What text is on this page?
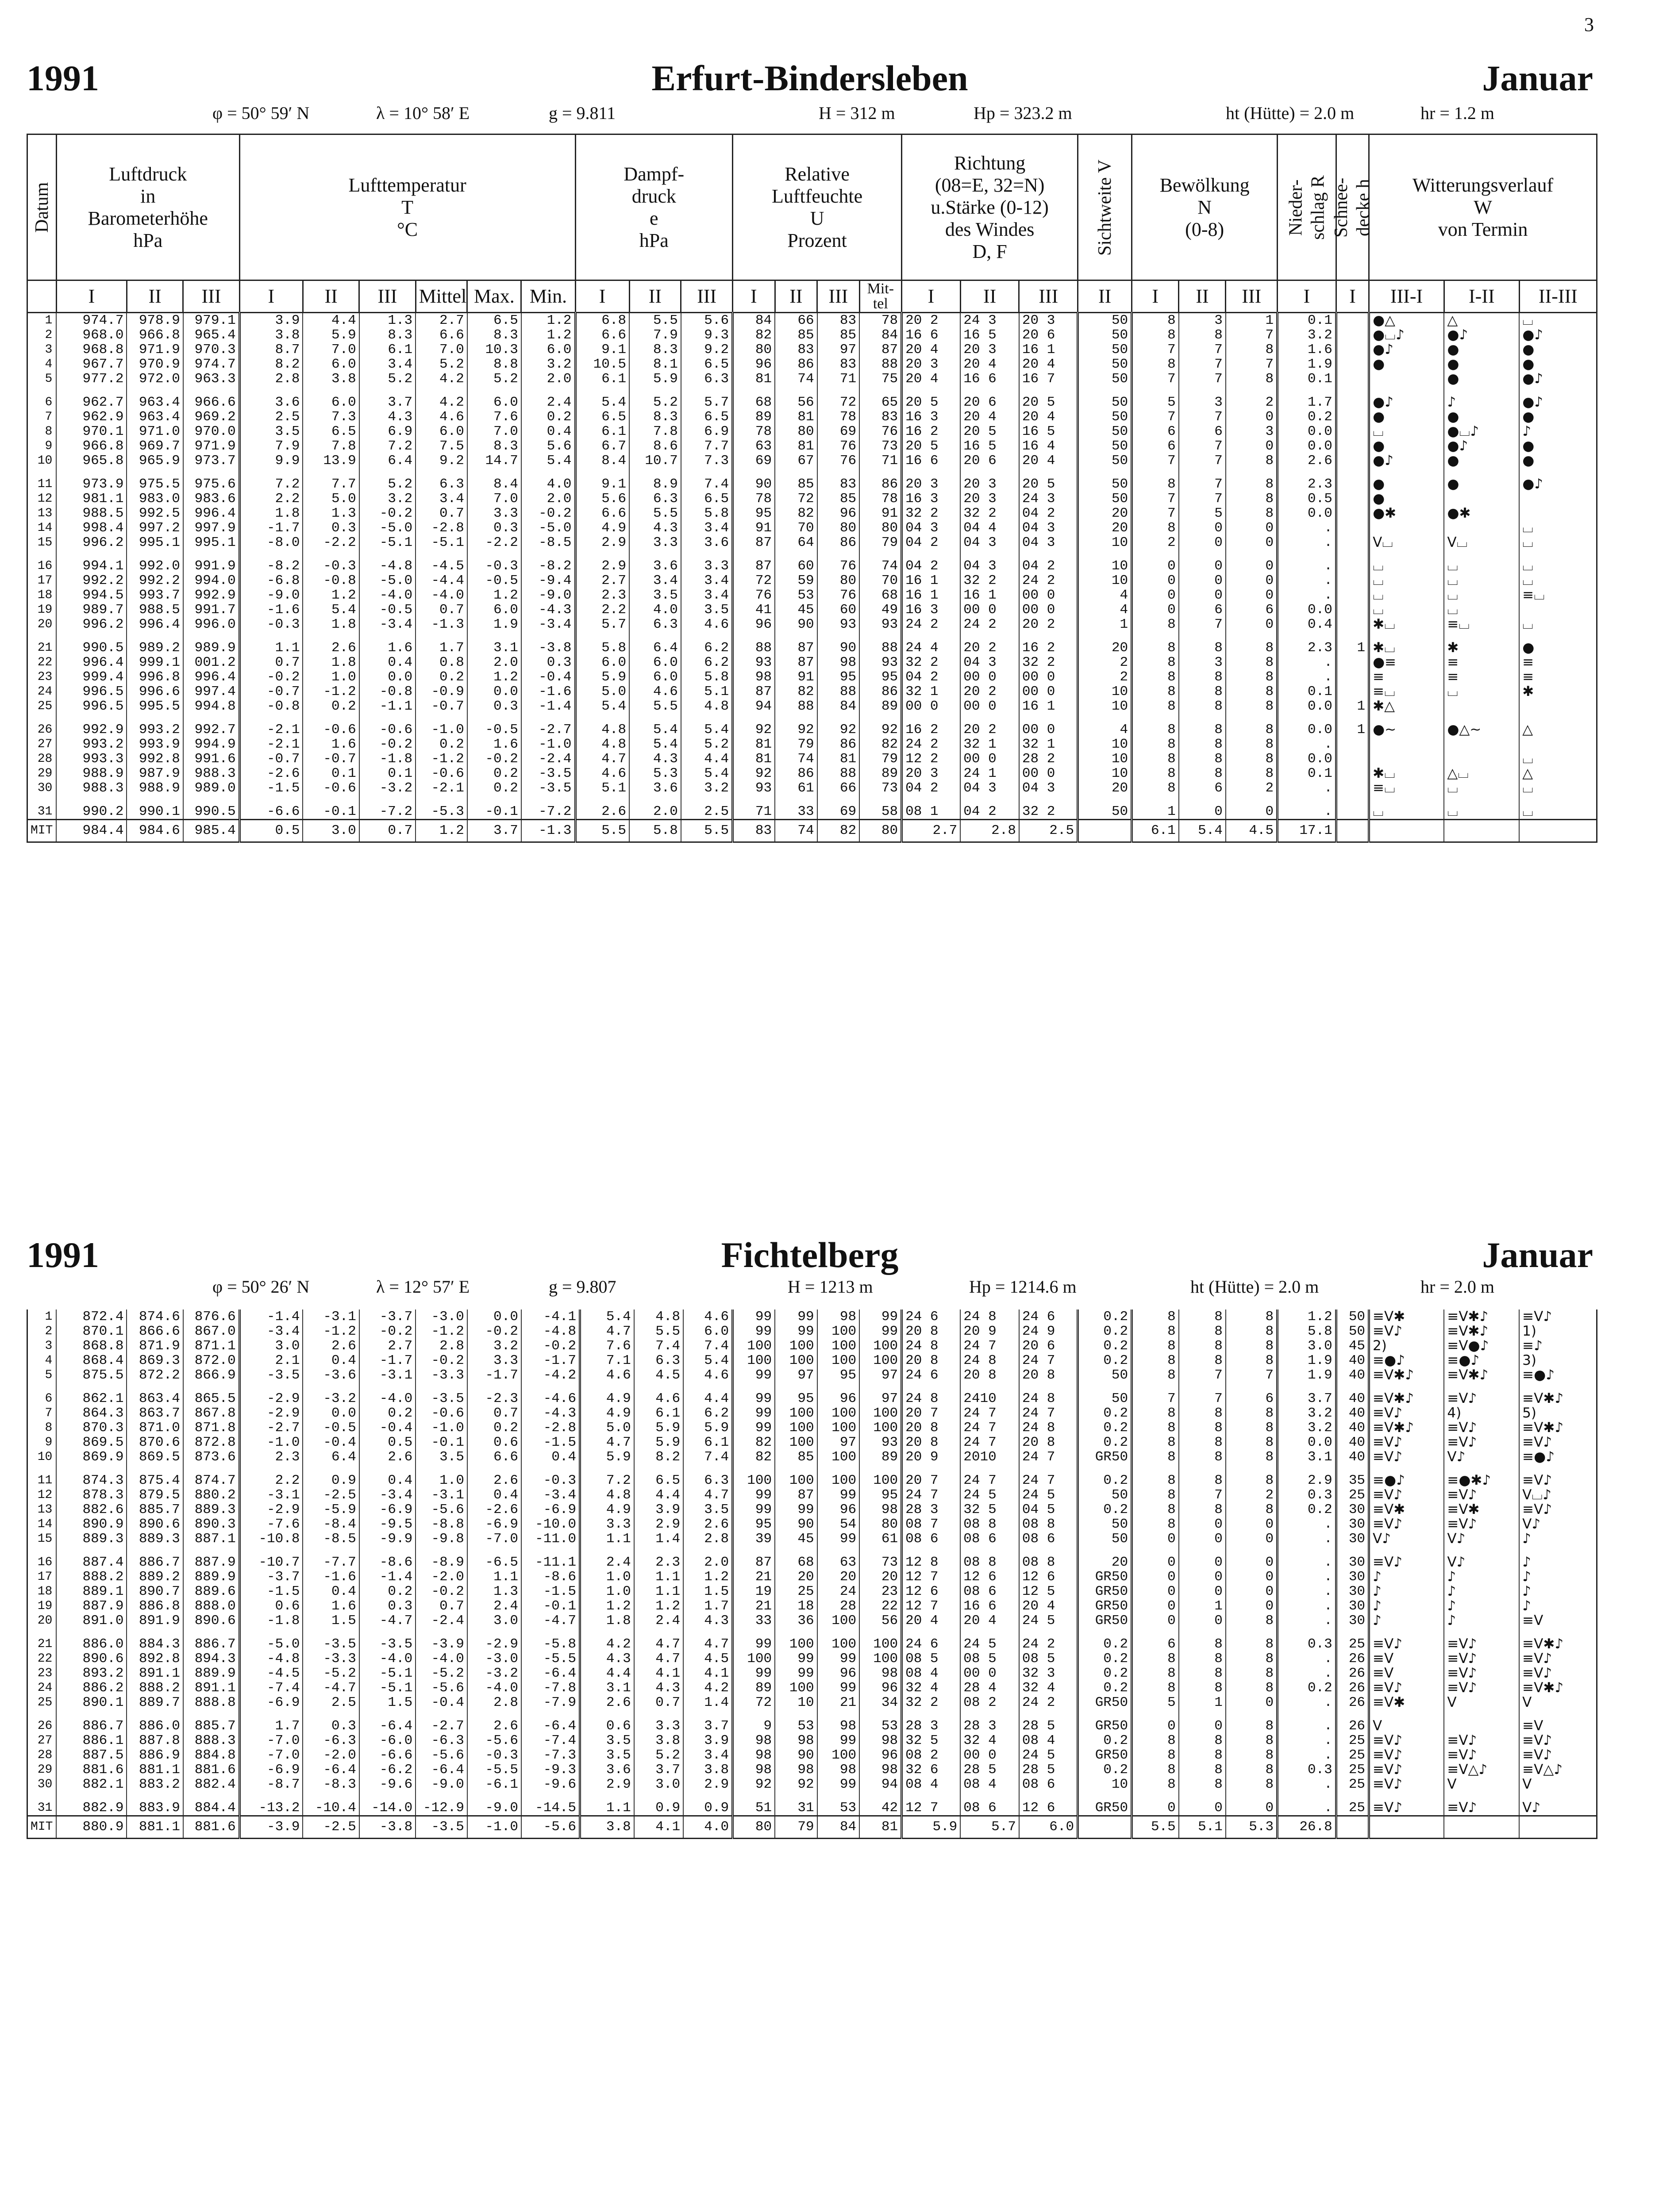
3
1991	Erfurt-Bindersleben	Januar
φ = 50° 59′ N	λ = 10° 58′ E	g = 9.811	H = 312 m	Hp = 323.2 m	ht (Hütte) = 2.0 m	hr = 1.2 m
Datum	Luftdruck
in
Barometerhöhe
hPa			Lufttemperatur
T
°C						Dampf-
druck
e
hPa			Relative
Luftfeuchte
U
Prozent				Richtung
(08=E, 32=N)
u.Stärke (0-12)
des Windes
D, F			Sichtweite V	Bewölkung
N
(0-8)			Nieder-
schlag R	Schnee-
decke h	Witterungsverlauf
W
von Termin		
	I	II	III	I	II	III	Mittel	Max.	Min.	I	II	III	I	II	III	Mit-
tel	I	II	III	II	I	II	III	I	I	III-I	I-II	II-III
1	974.7	978.9	979.1	3.9	4.4	1.3	2.7	6.5	1.2	6.8	5.5	5.6	84	66	83	78	20 2	24 3	20 3	50	8	3	1	0.1		●△	△	⌴
2	968.0	966.8	965.4	3.8	5.9	8.3	6.6	8.3	1.2	6.6	7.9	9.3	82	85	85	84	16 6	16 5	20 6	50	8	8	7	3.2		●⌴♪	●♪	●♪
3	968.8	971.9	970.3	8.7	7.0	6.1	7.0	10.3	6.0	9.1	8.3	9.2	80	83	97	87	20 4	20 3	16 1	50	7	7	8	1.6		●♪	●	●
4	967.7	970.9	974.7	8.2	6.0	3.4	5.2	8.8	3.2	10.5	8.1	6.5	96	86	83	88	20 3	20 4	20 4	50	8	7	7	1.9		●	●	●
5	977.2	972.0	963.3	2.8	3.8	5.2	4.2	5.2	2.0	6.1	5.9	6.3	81	74	71	75	20 4	16 6	16 7	50	7	7	8	0.1			●	●♪

6	962.7	963.4	966.6	3.6	6.0	3.7	4.2	6.0	2.4	5.4	5.2	5.7	68	56	72	65	20 5	20 6	20 5	50	5	3	2	1.7		●♪	♪	●♪
7	962.9	963.4	969.2	2.5	7.3	4.3	4.6	7.6	0.2	6.5	8.3	6.5	89	81	78	83	16 3	20 4	20 4	50	7	7	0	0.2		●	●	●
8	970.1	971.0	970.0	3.5	6.5	6.9	6.0	7.0	0.4	6.1	7.8	6.9	78	80	69	76	16 2	20 5	16 5	50	6	6	3	0.0		⌴	●⌴♪	♪
9	966.8	969.7	971.9	7.9	7.8	7.2	7.5	8.3	5.6	6.7	8.6	7.7	63	81	76	73	20 5	16 5	16 4	50	6	7	0	0.0		●	●♪	●
10	965.8	965.9	973.7	9.9	13.9	6.4	9.2	14.7	5.4	8.4	10.7	7.3	69	67	76	71	16 6	20 6	20 4	50	7	7	8	2.6		●♪	●	●

11	973.9	975.5	975.6	7.2	7.7	5.2	6.3	8.4	4.0	9.1	8.9	7.4	90	85	83	86	20 3	20 3	20 5	50	8	7	8	2.3		●	●	●♪
12	981.1	983.0	983.6	2.2	5.0	3.2	3.4	7.0	2.0	5.6	6.3	6.5	78	72	85	78	16 3	20 3	24 3	50	7	7	8	0.5		●		
13	988.5	992.5	996.4	1.8	1.3	-0.2	0.7	3.3	-0.2	6.6	5.5	5.8	95	82	96	91	32 2	32 2	04 2	20	7	5	8	0.0		●✱	●✱	
14	998.4	997.2	997.9	-1.7	0.3	-5.0	-2.8	0.3	-5.0	4.9	4.3	3.4	91	70	80	80	04 3	04 4	04 3	20	8	0	0	.				⌴
15	996.2	995.1	995.1	-8.0	-2.2	-5.1	-5.1	-2.2	-8.5	2.9	3.3	3.6	87	64	86	79	04 2	04 3	04 3	10	2	0	0	.		V⌴	V⌴	⌴

16	994.1	992.0	991.9	-8.2	-0.3	-4.8	-4.5	-0.3	-8.2	2.9	3.6	3.3	87	60	76	74	04 2	04 3	04 2	10	0	0	0	.		⌴	⌴	⌴
17	992.2	992.2	994.0	-6.8	-0.8	-5.0	-4.4	-0.5	-9.4	2.7	3.4	3.4	72	59	80	70	16 1	32 2	24 2	10	0	0	0	.		⌴	⌴	⌴
18	994.5	993.7	992.9	-9.0	1.2	-4.0	-4.0	1.2	-9.0	2.3	3.5	3.4	76	53	76	68	16 1	16 1	00 0	4	0	0	0	.		⌴	⌴	≡⌴
19	989.7	988.5	991.7	-1.6	5.4	-0.5	0.7	6.0	-4.3	2.2	4.0	3.5	41	45	60	49	16 3	00 0	00 0	4	0	6	6	0.0		⌴	⌴	
20	996.2	996.4	996.0	-0.3	1.8	-3.4	-1.3	1.9	-3.4	5.7	6.3	4.6	96	90	93	93	24 2	24 2	20 2	1	8	7	0	0.4		✱⌴	≡⌴	⌴

21	990.5	989.2	989.9	1.1	2.6	1.6	1.7	3.1	-3.8	5.8	6.4	6.2	88	87	90	88	24 4	20 2	16 2	20	8	8	8	2.3	1	✱⌴	✱	●
22	996.4	999.1	001.2	0.7	1.8	0.4	0.8	2.0	0.3	6.0	6.0	6.2	93	87	98	93	32 2	04 3	32 2	2	8	3	8	.		●≡	≡	≡
23	999.4	996.8	996.4	-0.2	1.0	0.0	0.2	1.2	-0.4	5.9	6.0	5.8	98	91	95	95	04 2	00 0	00 0	2	8	8	8	.		≡	≡	≡
24	996.5	996.6	997.4	-0.7	-1.2	-0.8	-0.9	0.0	-1.6	5.0	4.6	5.1	87	82	88	86	32 1	20 2	00 0	10	8	8	8	0.1		≡⌴	⌴	✱
25	996.5	995.5	994.8	-0.8	0.2	-1.1	-0.7	0.3	-1.4	5.4	5.5	4.8	94	88	84	89	00 0	00 0	16 1	10	8	8	8	0.0	1	✱△		

26	992.9	993.2	992.7	-2.1	-0.6	-0.6	-1.0	-0.5	-2.7	4.8	5.4	5.4	92	92	92	92	16 2	20 2	00 0	4	8	8	8	0.0	1	●∼	●△∼	△
27	993.2	993.9	994.9	-2.1	1.6	-0.2	0.2	1.6	-1.0	4.8	5.4	5.2	81	79	86	82	24 2	32 1	32 1	10	8	8	8	.				
28	993.3	992.8	991.6	-0.7	-0.7	-1.8	-1.2	-0.2	-2.4	4.7	4.3	4.4	81	74	81	79	12 2	00 0	28 2	10	8	8	8	0.0				⌴
29	988.9	987.9	988.3	-2.6	0.1	0.1	-0.6	0.2	-3.5	4.6	5.3	5.4	92	86	88	89	20 3	24 1	00 0	10	8	8	8	0.1		✱⌴	△⌴	△
30	988.3	988.9	989.0	-1.5	-0.6	-3.2	-2.1	0.2	-3.5	5.1	3.6	3.2	93	61	66	73	04 2	04 3	04 3	20	8	6	2	.		≡⌴	⌴	⌴

31	990.2	990.1	990.5	-6.6	-0.1	-7.2	-5.3	-0.1	-7.2	2.6	2.0	2.5	71	33	69	58	08 1	04 2	32 2	50	1	0	0	.		⌴	⌴	⌴
MIT	984.4	984.6	985.4	0.5	3.0	0.7	1.2	3.7	-1.3	5.5	5.8	5.5	83	74	82	80	2.7	2.8	2.5		6.1	5.4	4.5	17.1				
1991	Fichtelberg	Januar
φ = 50° 26′ N	λ = 12° 57′ E	g = 9.807	H = 1213 m	Hp = 1214.6 m	ht (Hütte) = 2.0 m	hr = 2.0 m
1	872.4	874.6	876.6	-1.4	-3.1	-3.7	-3.0	0.0	-4.1	5.4	4.8	4.6	99	99	98	99	24 6	24 8	24 6	0.2	8	8	8	1.2	50	≡V✱	≡V✱♪	≡V♪
2	870.1	866.6	867.0	-3.4	-1.2	-0.2	-1.2	-0.2	-4.8	4.7	5.5	6.0	99	99	100	99	20 8	20 9	24 9	0.2	8	8	8	5.8	50	≡V♪	≡V✱♪	1)
3	868.8	871.9	871.1	3.0	2.6	2.7	2.8	3.2	-0.2	7.6	7.4	7.4	100	100	100	100	24 8	24 7	20 6	0.2	8	8	8	3.0	45	2)	≡V●♪	≡♪
4	868.4	869.3	872.0	2.1	0.4	-1.7	-0.2	3.3	-1.7	7.1	6.3	5.4	100	100	100	100	20 8	24 8	24 7	0.2	8	8	8	1.9	40	≡●♪	≡●♪	3)
5	875.5	872.2	866.9	-3.5	-3.6	-3.1	-3.3	-1.7	-4.2	4.6	4.5	4.6	99	97	95	97	24 6	20 8	20 8	50	8	7	7	1.9	40	≡V✱♪	≡V✱♪	≡●♪

6	862.1	863.4	865.5	-2.9	-3.2	-4.0	-3.5	-2.3	-4.6	4.9	4.6	4.4	99	95	96	97	24 8	2410	24 8	50	7	7	6	3.7	40	≡V✱♪	≡V♪	≡V✱♪
7	864.3	863.7	867.8	-2.9	0.0	0.2	-0.6	0.7	-4.3	4.9	6.1	6.2	99	100	100	100	20 7	24 7	24 7	0.2	8	8	8	3.2	40	≡V♪	4)	5)
8	870.3	871.0	871.8	-2.7	-0.5	-0.4	-1.0	0.2	-2.8	5.0	5.9	5.9	99	100	100	100	20 8	24 7	24 8	0.2	8	8	8	3.2	40	≡V✱♪	≡V♪	≡V✱♪
9	869.5	870.6	872.8	-1.0	-0.4	0.5	-0.1	0.6	-1.5	4.7	5.9	6.1	82	100	97	93	20 8	24 7	20 8	0.2	8	8	8	0.0	40	≡V♪	≡V♪	≡V♪
10	869.9	869.5	873.6	2.3	6.4	2.6	3.5	6.6	0.4	5.9	8.2	7.4	82	85	100	89	20 9	2010	24 7	GR50	8	8	8	3.1	40	≡V♪	V♪	≡●♪

11	874.3	875.4	874.7	2.2	0.9	0.4	1.0	2.6	-0.3	7.2	6.5	6.3	100	100	100	100	20 7	24 7	24 7	0.2	8	8	8	2.9	35	≡●♪	≡●✱♪	≡V♪
12	878.3	879.5	880.2	-3.1	-2.5	-3.4	-3.1	0.4	-3.4	4.8	4.4	4.7	99	87	99	95	24 7	24 5	24 5	50	8	7	2	0.3	25	≡V♪	≡V♪	V⌴♪
13	882.6	885.7	889.3	-2.9	-5.9	-6.9	-5.6	-2.6	-6.9	4.9	3.9	3.5	99	99	96	98	28 3	32 5	04 5	0.2	8	8	8	0.2	30	≡V✱	≡V✱	≡V♪
14	890.9	890.6	890.3	-7.6	-8.4	-9.5	-8.8	-6.9	-10.0	3.3	2.9	2.6	95	90	54	80	08 7	08 8	08 8	50	8	0	0	.	30	≡V♪	≡V♪	V♪
15	889.3	889.3	887.1	-10.8	-8.5	-9.9	-9.8	-7.0	-11.0	1.1	1.4	2.8	39	45	99	61	08 6	08 6	08 6	50	0	0	0	.	30	V♪	V♪	♪

16	887.4	886.7	887.9	-10.7	-7.7	-8.6	-8.9	-6.5	-11.1	2.4	2.3	2.0	87	68	63	73	12 8	08 8	08 8	20	0	0	0	.	30	≡V♪	V♪	♪
17	888.2	889.2	889.9	-3.7	-1.6	-1.4	-2.0	1.1	-8.6	1.0	1.1	1.2	21	20	20	20	12 7	12 6	12 6	GR50	0	0	0	.	30	♪	♪	♪
18	889.1	890.7	889.6	-1.5	0.4	0.2	-0.2	1.3	-1.5	1.0	1.1	1.5	19	25	24	23	12 6	08 6	12 5	GR50	0	0	0	.	30	♪	♪	♪
19	887.9	886.8	888.0	0.6	1.6	0.3	0.7	2.4	-0.1	1.2	1.2	1.7	21	18	28	22	12 7	16 6	20 4	GR50	0	1	0	.	30	♪	♪	♪
20	891.0	891.9	890.6	-1.8	1.5	-4.7	-2.4	3.0	-4.7	1.8	2.4	4.3	33	36	100	56	20 4	20 4	24 5	GR50	0	0	8	.	30	♪	♪	≡V

21	886.0	884.3	886.7	-5.0	-3.5	-3.5	-3.9	-2.9	-5.8	4.2	4.7	4.7	99	100	100	100	24 6	24 5	24 2	0.2	6	8	8	0.3	25	≡V♪	≡V♪	≡V✱♪
22	890.6	892.8	894.3	-4.8	-3.3	-4.0	-4.0	-3.0	-5.5	4.3	4.7	4.5	100	99	99	100	08 5	08 5	08 5	0.2	8	8	8	.	26	≡V	≡V♪	≡V♪
23	893.2	891.1	889.9	-4.5	-5.2	-5.1	-5.2	-3.2	-6.4	4.4	4.1	4.1	99	99	96	98	08 4	00 0	32 3	0.2	8	8	8	.	26	≡V	≡V♪	≡V♪
24	886.2	888.2	891.1	-7.4	-4.7	-5.1	-5.6	-4.0	-7.8	3.1	4.3	4.2	89	100	99	96	32 4	28 4	32 4	0.2	8	8	8	0.2	26	≡V♪	≡V♪	≡V✱♪
25	890.1	889.7	888.8	-6.9	2.5	1.5	-0.4	2.8	-7.9	2.6	0.7	1.4	72	10	21	34	32 2	08 2	24 2	GR50	5	1	0	.	26	≡V✱	V	V

26	886.7	886.0	885.7	1.7	0.3	-6.4	-2.7	2.6	-6.4	0.6	3.3	3.7	9	53	98	53	28 3	28 3	28 5	GR50	0	0	8	.	26	V		≡V
27	886.1	887.8	888.3	-7.0	-6.3	-6.0	-6.3	-5.6	-7.4	3.5	3.8	3.9	98	98	99	98	32 5	32 4	08 4	0.2	8	8	8	.	25	≡V♪	≡V♪	≡V♪
28	887.5	886.9	884.8	-7.0	-2.0	-6.6	-5.6	-0.3	-7.3	3.5	5.2	3.4	98	90	100	96	08 2	00 0	24 5	GR50	8	8	8	.	25	≡V♪	≡V♪	≡V♪
29	881.6	881.1	881.6	-6.9	-6.4	-6.2	-6.4	-5.5	-9.3	3.6	3.7	3.8	98	98	98	98	32 6	28 5	28 5	0.2	8	8	8	0.3	25	≡V♪	≡V△♪	≡V△♪
30	882.1	883.2	882.4	-8.7	-8.3	-9.6	-9.0	-6.1	-9.6	2.9	3.0	2.9	92	92	99	94	08 4	08 4	08 6	10	8	8	8	.	25	≡V♪	V	V

31	882.9	883.9	884.4	-13.2	-10.4	-14.0	-12.9	-9.0	-14.5	1.1	0.9	0.9	51	31	53	42	12 7	08 6	12 6	GR50	0	0	0	.	25	≡V♪	≡V♪	V♪
MIT	880.9	881.1	881.6	-3.9	-2.5	-3.8	-3.5	-1.0	-5.6	3.8	4.1	4.0	80	79	84	81	5.9	5.7	6.0		5.5	5.1	5.3	26.8				
